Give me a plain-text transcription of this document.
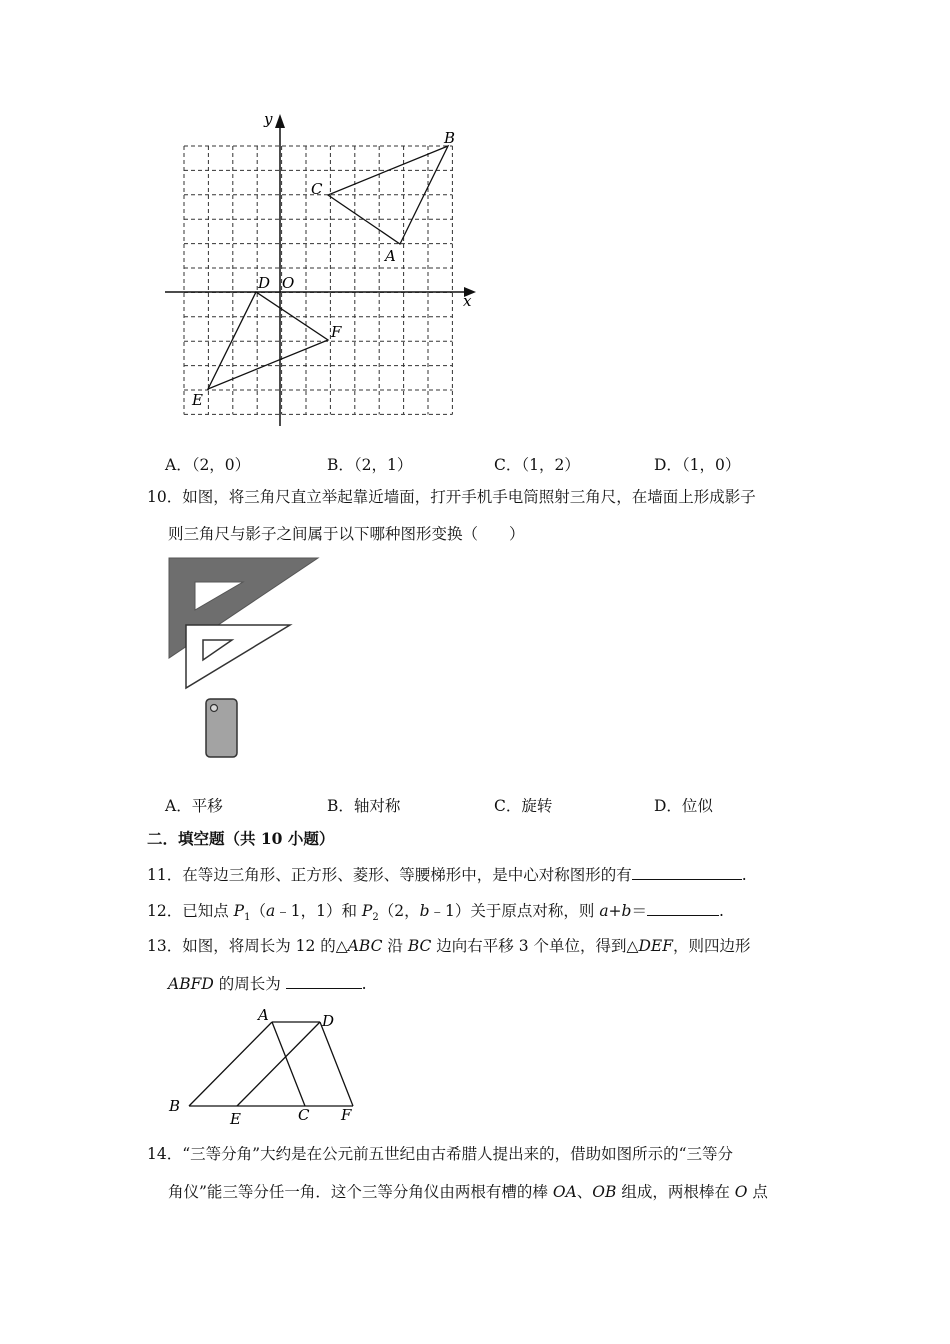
y
x
O
B
C
A
D
F
E
A．（2，0）	B．（2，1）	C．（1，2）	D．（1，0）
10．如图，将三角尺直立举起靠近墙面，打开手机手电筒照射三角尺，在墙面上形成影子
则三角尺与影子之间属于以下哪种图形变换（　　）
A．平移	B．轴对称	C．旋转	D．位似
二．填空题（共 10 小题）
11．在等边三角形、正方形、菱形、等腰梯形中，是中心对称图形的有	.
12．已知点 $P_1(a﹣1$，1）和 $P_2(2$，b﹣1）关于原点对称，则 a+b＝	.
13．如图，将周长为 12 的△ABC 沿 BC 边向右平移 3 个单位，得到△DEF，则四边形
ABFD 的周长为	.
A	D
B
E	C F
14．“三等分角”大约是在公元前五世纪由古希腊人提出来的，借助如图所示的“三等分
角仪”能三等分任一角．这个三等分角仪由两根有槽的棒 OA、OB 组成，两根棒在 O 点
